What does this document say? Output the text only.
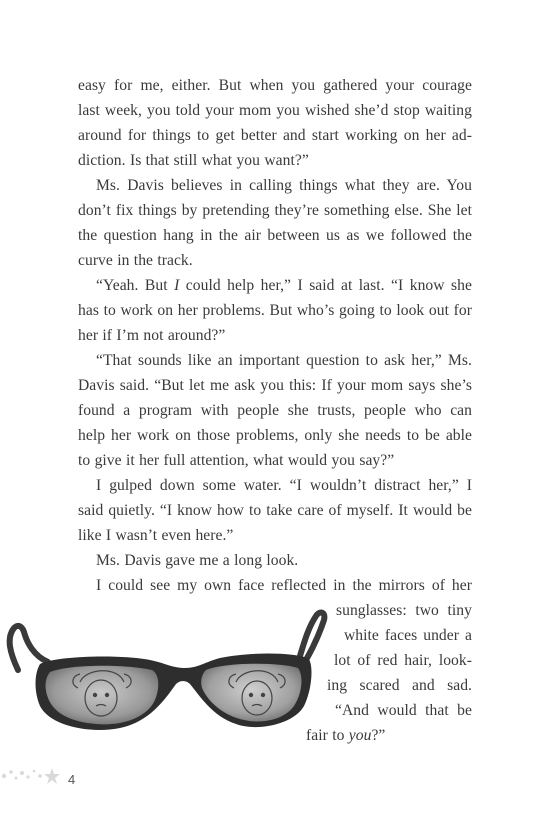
easy for me, either. But when you gathered your courage
last week, you told your mom you wished she’d stop waiting
around for things to get better and start working on her ad-
diction. Is that still what you want?”
Ms. Davis believes in calling things what they are. You
don’t fix things by pretending they’re something else. She let
the question hang in the air between us as we followed the
curve in the track.
“Yeah. But I could help her,” I said at last. “I know she
has to work on her problems. But who’s going to look out for
her if I’m not around?”
“That sounds like an important question to ask her,” Ms.
Davis said. “But let me ask you this: If your mom says she’s
found a program with people she trusts, people who can
help her work on those problems, only she needs to be able
to give it her full attention, what would you say?”
I gulped down some water. “I wouldn’t distract her,” I
said quietly. “I know how to take care of myself. It would be
like I wasn’t even here.”
Ms. Davis gave me a long look.
I could see my own face reflected in the mirrors of her
sunglasses: two tiny
white faces under a
lot of red hair, look-
ing scared and sad.
“And would that be
fair to you?”
4
